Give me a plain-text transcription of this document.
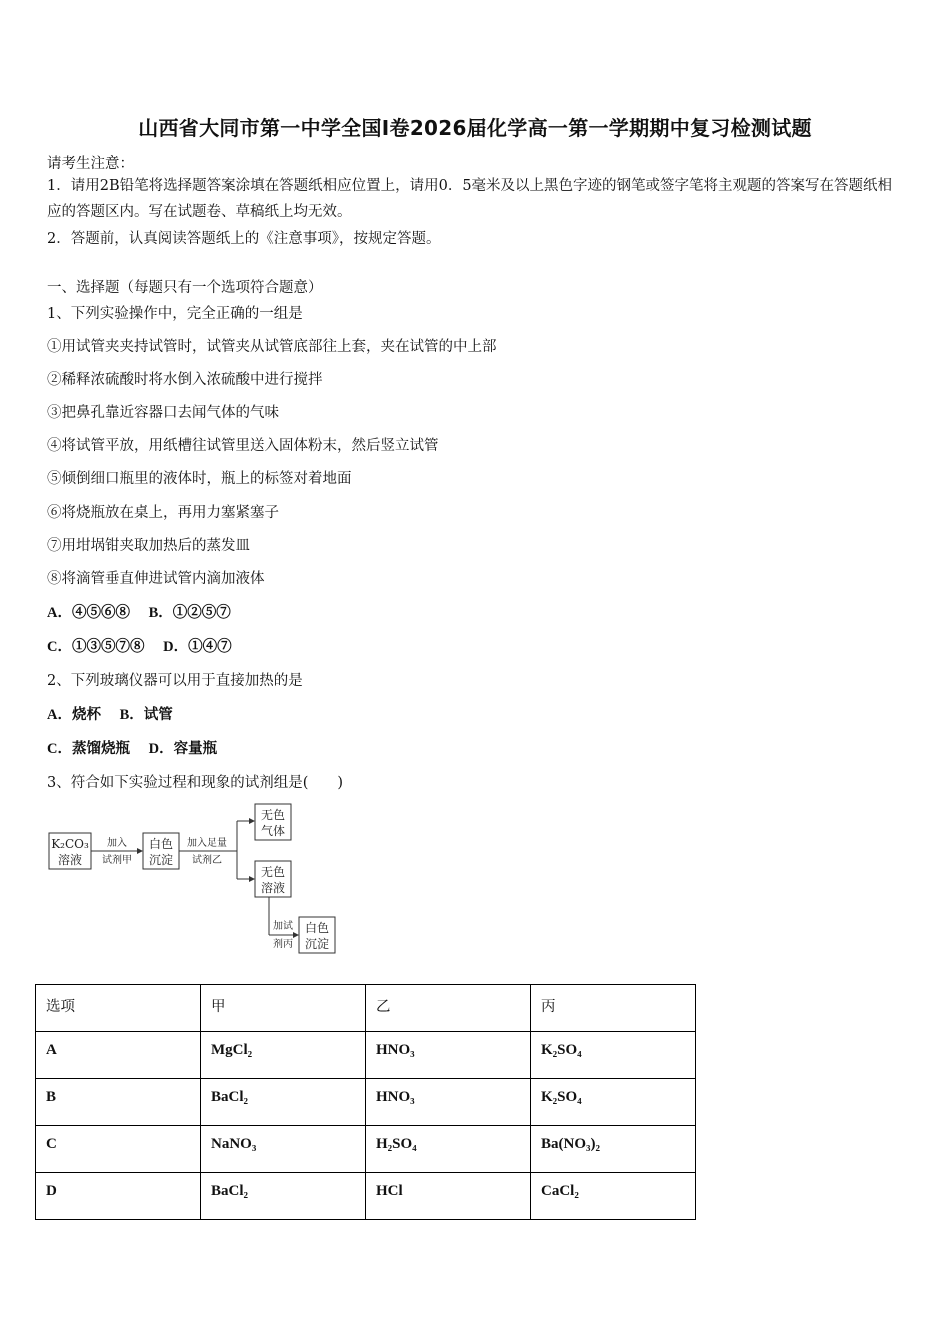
山西省大同市第一中学全国Ⅰ卷2026届化学高一第一学期期中复习检测试题
请考生注意：
1．请用2B铅笔将选择题答案涂填在答题纸相应位置上，请用0．5毫米及以上黑色字迹的钢笔或签字笔将主观题的答案写在答题纸相应的答题区内。写在试题卷、草稿纸上均无效。
2．答题前，认真阅读答题纸上的《注意事项》，按规定答题。
一、选择题（每题只有一个选项符合题意）
1、下列实验操作中，完全正确的一组是
①用试管夹夹持试管时，试管夹从试管底部往上套，夹在试管的中上部
②稀释浓硫酸时将水倒入浓硫酸中进行搅拌
③把鼻孔靠近容器口去闻气体的气味
④将试管平放，用纸槽往试管里送入固体粉末，然后竖立试管
⑤倾倒细口瓶里的液体时，瓶上的标签对着地面
⑥将烧瓶放在桌上，再用力塞紧塞子
⑦用坩埚钳夹取加热后的蒸发皿
⑧将滴管垂直伸进试管内滴加液体
A．④⑤⑥⑧ B．①②⑤⑦
C．①③⑤⑦⑧ D．①④⑦
2、下列玻璃仪器可以用于直接加热的是
A．烧杯 B．试管
C．蒸馏烧瓶 D．容量瓶
3、符合如下实验过程和现象的试剂组是(　　)
K₂CO₃
溶液
白色
沉淀
无色
气体
无色
溶液
白色
沉淀
加入
试剂甲
加入足量
试剂乙
加试
剂丙
选项	甲	乙	丙
A	MgCl₂	HNO₃	K₂SO₄
B	BaCl₂	HNO₃	K₂SO₄
C	NaNO₃	H₂SO₄	Ba(NO₃)₂
D	BaCl₂	HCl	CaCl₂
